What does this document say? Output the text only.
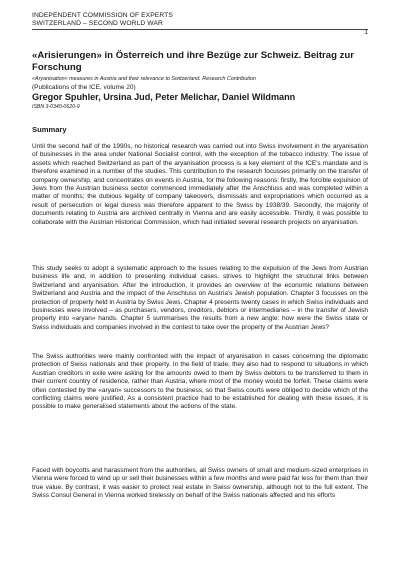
INDEPENDENT COMMISSION OF EXPERTS
SWITZERLAND – SECOND WORLD WAR
1
«Arisierungen» in Österreich und ihre Bezüge zur Schweiz. Beitrag zur Forschung

«Aryanisation» measures in Austria and their relevance to Switzerland. Research Contribution

(Publications of the ICE, volume 20)

Gregor Spuhler, Ursina Jud, Peter Melichar, Daniel Wildmann

ISBN 3-0340-0620-9

Summary

Until the second half of the 1990s, no historical research was carried out into Swiss involvement in the aryanisation of businesses in the area under National Socialist control, with the exception of the tobacco industry. The issue of assets which reached Switzerland as part of the aryanisation process is a key element of the ICE's mandate and is therefore examined in a number of the studies. This contribution to the research focusses primarily on the transfer of company ownership, and concentrates on events in Austria, for the following reasons: firstly, the forcible expulsion of Jews from the Austrian business sector commenced immediately after the Anschluss and was completed within a matter of months; the dubious legality of company takeovers, dismissals and expropriations which occurred as a result of persecution or legal duress was therefore apparent to the Swiss by 1938/39. Secondly, the majority of documents relating to Austria are archived centrally in Vienna and are easily accessible. Thirdly, it was possible to collaborate with the Austrian Historical Commission, which had initiated several research projects on aryanisation.

This study seeks to adopt a systematic approach to the issues relating to the expulsion of the Jews from Austrian business life and, in addition to presenting individual cases, strives to highlight the structural links between Switzerland and aryanisation. After the introduction, it provides an overview of the economic relations between Switzerland and Austria and the impact of the Anschluss on Austria's Jewish population. Chapter 3 focusses on the protection of property held in Austria by Swiss Jews. Chapter 4 presents twenty cases in which Swiss individuals and businesses were involved – as purchasers, vendors, creditors, debtors or intermediaries – in the transfer of Jewish property into «aryan» hands. Chapter 5 summarises the results from a new angle: how were the Swiss state or Swiss individuals and companies involved in the contest to take over the property of the Austrian Jews?

The Swiss authorities were mainly confronted with the impact of aryanisation in cases concerning the diplomatic protection of Swiss nationals and their property. In the field of trade, they also had to respond to situations in which Austrian creditors in exile were asking for the amounts owed to them by Swiss debtors to be transferred to them in their current country of residence, rather than Austria, where most of the money would be forfeit. These claims were often contested by the «aryan» successors to the business, so that Swiss courts were obliged to decide which of the conflicting claims were justified. As a consistent practice had to be established for dealing with these issues, it is possible to make generalised statements about the actions of the state.

Faced with boycotts and harassment from the authorities, all Swiss owners of small and medium-sized enterprises in Vienna were forced to wind up or sell their businesses within a few months and were paid far less for them than their true value. By contrast, it was easier to protect real estate in Swiss ownership, although not to the full extent. The Swiss Consul General in Vienna worked tirelessly on behalf of the Swiss nationals affected and his efforts
